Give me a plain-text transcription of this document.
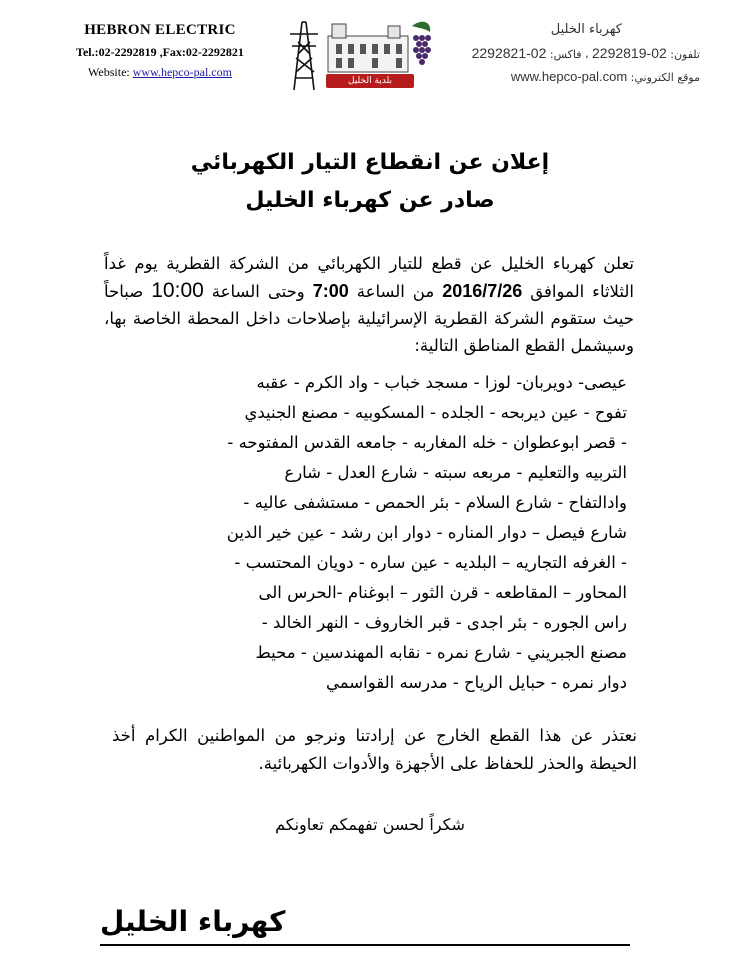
HEBRON ELECTRIC
Tel.:02-2292819 ,Fax:02-2292821
Website: www.hepco-pal.com
بلدية الخليل
كهرباء الخليل
تلفون: 02-2292819 ، فاكس: 02-2292821
موقع الكتروني: www.hepco-pal.com
إعلان عن انقطاع التيار الكهربائي
صادر عن كهرباء الخليل
تعلن كهرباء الخليل عن قطع للتيار الكهربائي من الشركة القطرية يوم غداً الثلاثاء الموافق 2016/7/26 من الساعة 7:00 وحتى الساعة 10:00 صباحاً حيث ستقوم الشركة القطرية الإسرائيلية بإصلاحات داخل المحطة الخاصة بها، وسيشمل القطع المناطق التالية:
عيصى- دويربان- لوزا - مسجد خباب - واد الكرم - عقبه
تفوح - عين ديربحه - الجلده - المسكوبيه - مصنع الجنيدي
- قصر ابوعطوان - خله المغاربه - جامعه القدس المفتوحه -
التربيه والتعليم - مربعه سبته - شارع العدل - شارع
وادالتفاح - شارع السلام - بئر الحمص - مستشفى عاليه -
شارع فيصل – دوار المناره - دوار ابن رشد - عين خير الدين
- الغرفه التجاريه – البلديه - عين ساره - دويان المحتسب -
المحاور – المقاطعه - قرن الثور – ابوغنام -الحرس الى
راس الجوره - بئر اجدى - قبر الخاروف - النهر الخالد -
مصنع الجبريني - شارع نمره - نقابه المهندسين - محيط
دوار نمره - حبايل الرياح - مدرسه القواسمي
نعتذر عن هذا القطع الخارج عن إرادتنا ونرجو من المواطنين الكرام أخذ الحيطة والحذر للحفاظ على الأجهزة والأدوات الكهربائية.
شكراً لحسن تفهمكم تعاونكم
كهرباء الخليل
